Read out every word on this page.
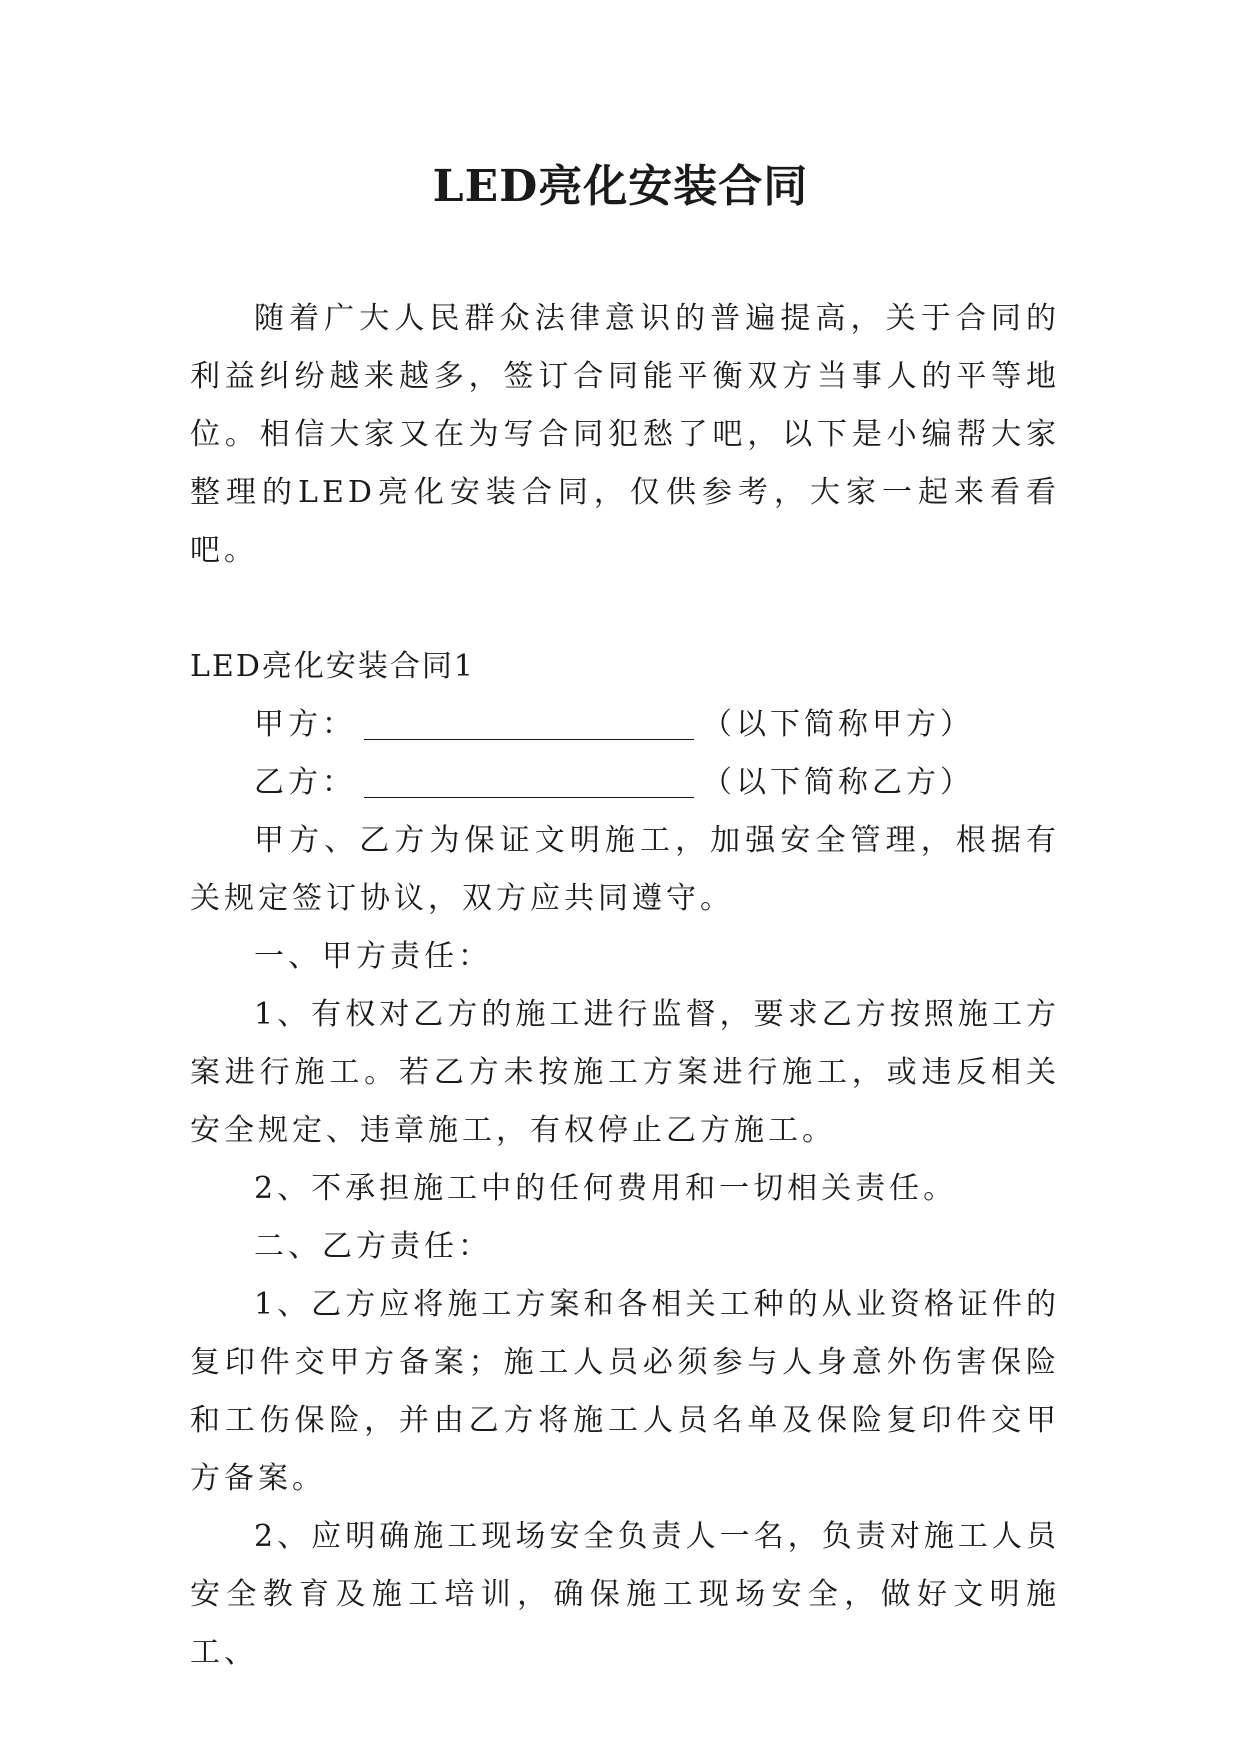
LED亮化安装合同

随着广大人民群众法律意识的普遍提高，关于合同的利益纠纷越来越多，签订合同能平衡双方当事人的平等地位。相信大家又在为写合同犯愁了吧，以下是小编帮大家整理的LED亮化安装合同，仅供参考，大家一起来看看吧。

LED亮化安装合同1

甲方：	（以下简称甲方）

乙方：	（以下简称乙方）

甲方、乙方为保证文明施工，加强安全管理，根据有关规定签订协议，双方应共同遵守。

一、甲方责任：

1、有权对乙方的施工进行监督，要求乙方按照施工方案进行施工。若乙方未按施工方案进行施工，或违反相关安全规定、违章施工，有权停止乙方施工。

2、不承担施工中的任何费用和一切相关责任。

二、乙方责任：

1、乙方应将施工方案和各相关工种的从业资格证件的复印件交甲方备案；施工人员必须参与人身意外伤害保险和工伤保险，并由乙方将施工人员名单及保险复印件交甲方备案。

2、应明确施工现场安全负责人一名，负责对施工人员安全教育及施工培训，确保施工现场安全，做好文明施工、
